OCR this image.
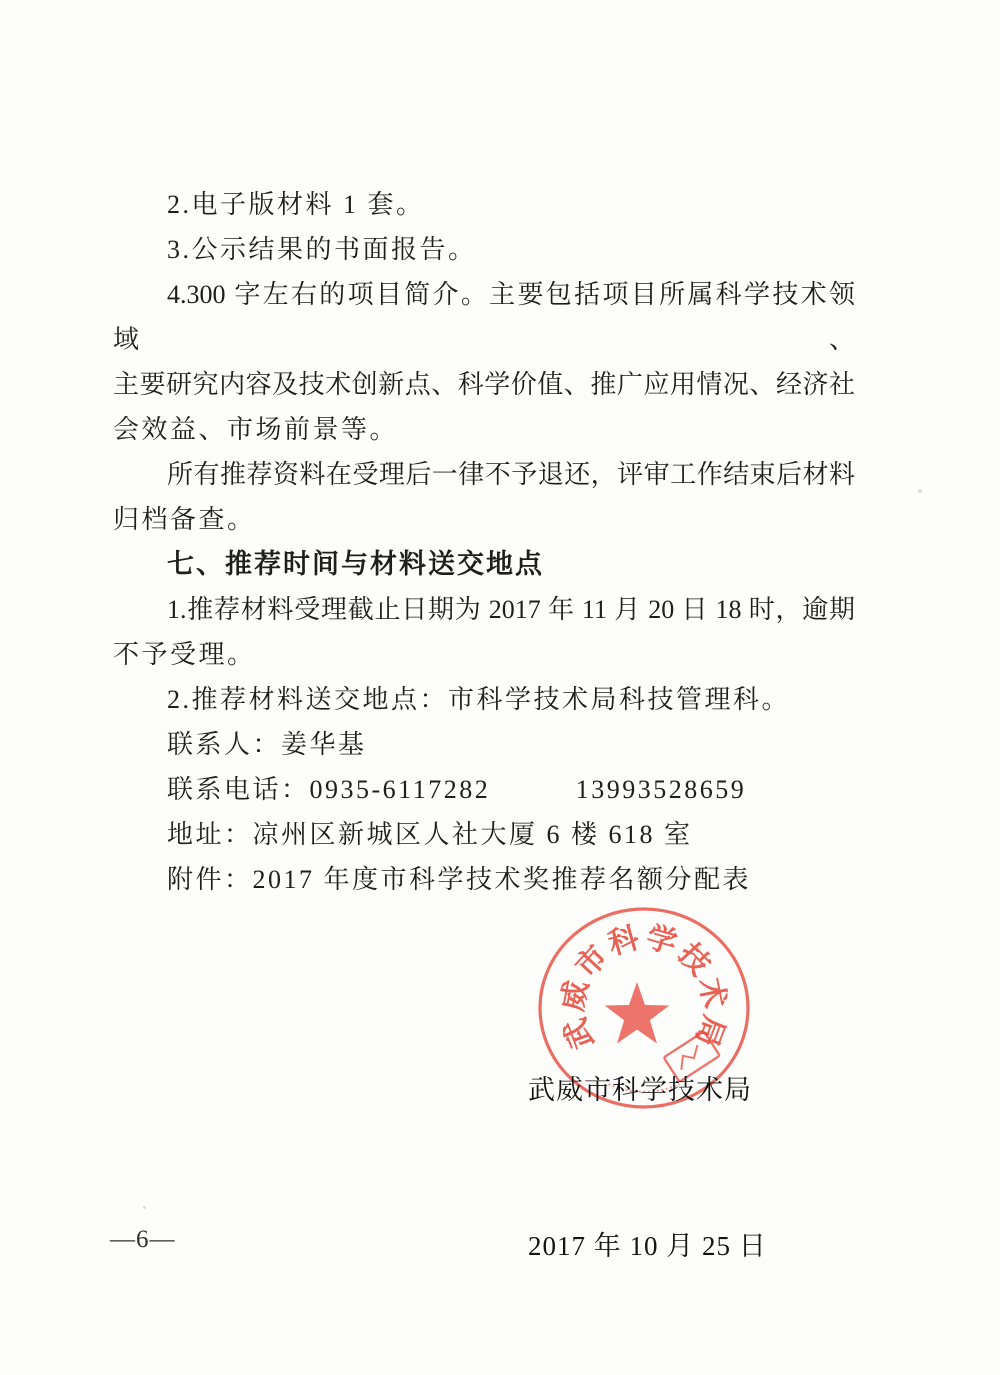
2.电子版材料 1 套。
3.公示结果的书面报告。
4.300 字左右的项目简介。主要包括项目所属科学技术领域、
主要研究内容及技术创新点、科学价值、推广应用情况、经济社
会效益、市场前景等。
所有推荐资料在受理后一律不予退还，评审工作结束后材料
归档备查。
七、推荐时间与材料送交地点
1.推荐材料受理截止日期为 2017 年 11 月 20 日 18 时，逾期
不予受理。
2.推荐材料送交地点：市科学技术局科技管理科。
联系人：姜华基
联系电话：0935-6117282　　　13993528659
地址：凉州区新城区人社大厦 6 楼 618 室
附件：2017 年度市科学技术奖推荐名额分配表
武威市科学技术局

武威市科学技术局

2017 年 10 月 25 日

—6—
